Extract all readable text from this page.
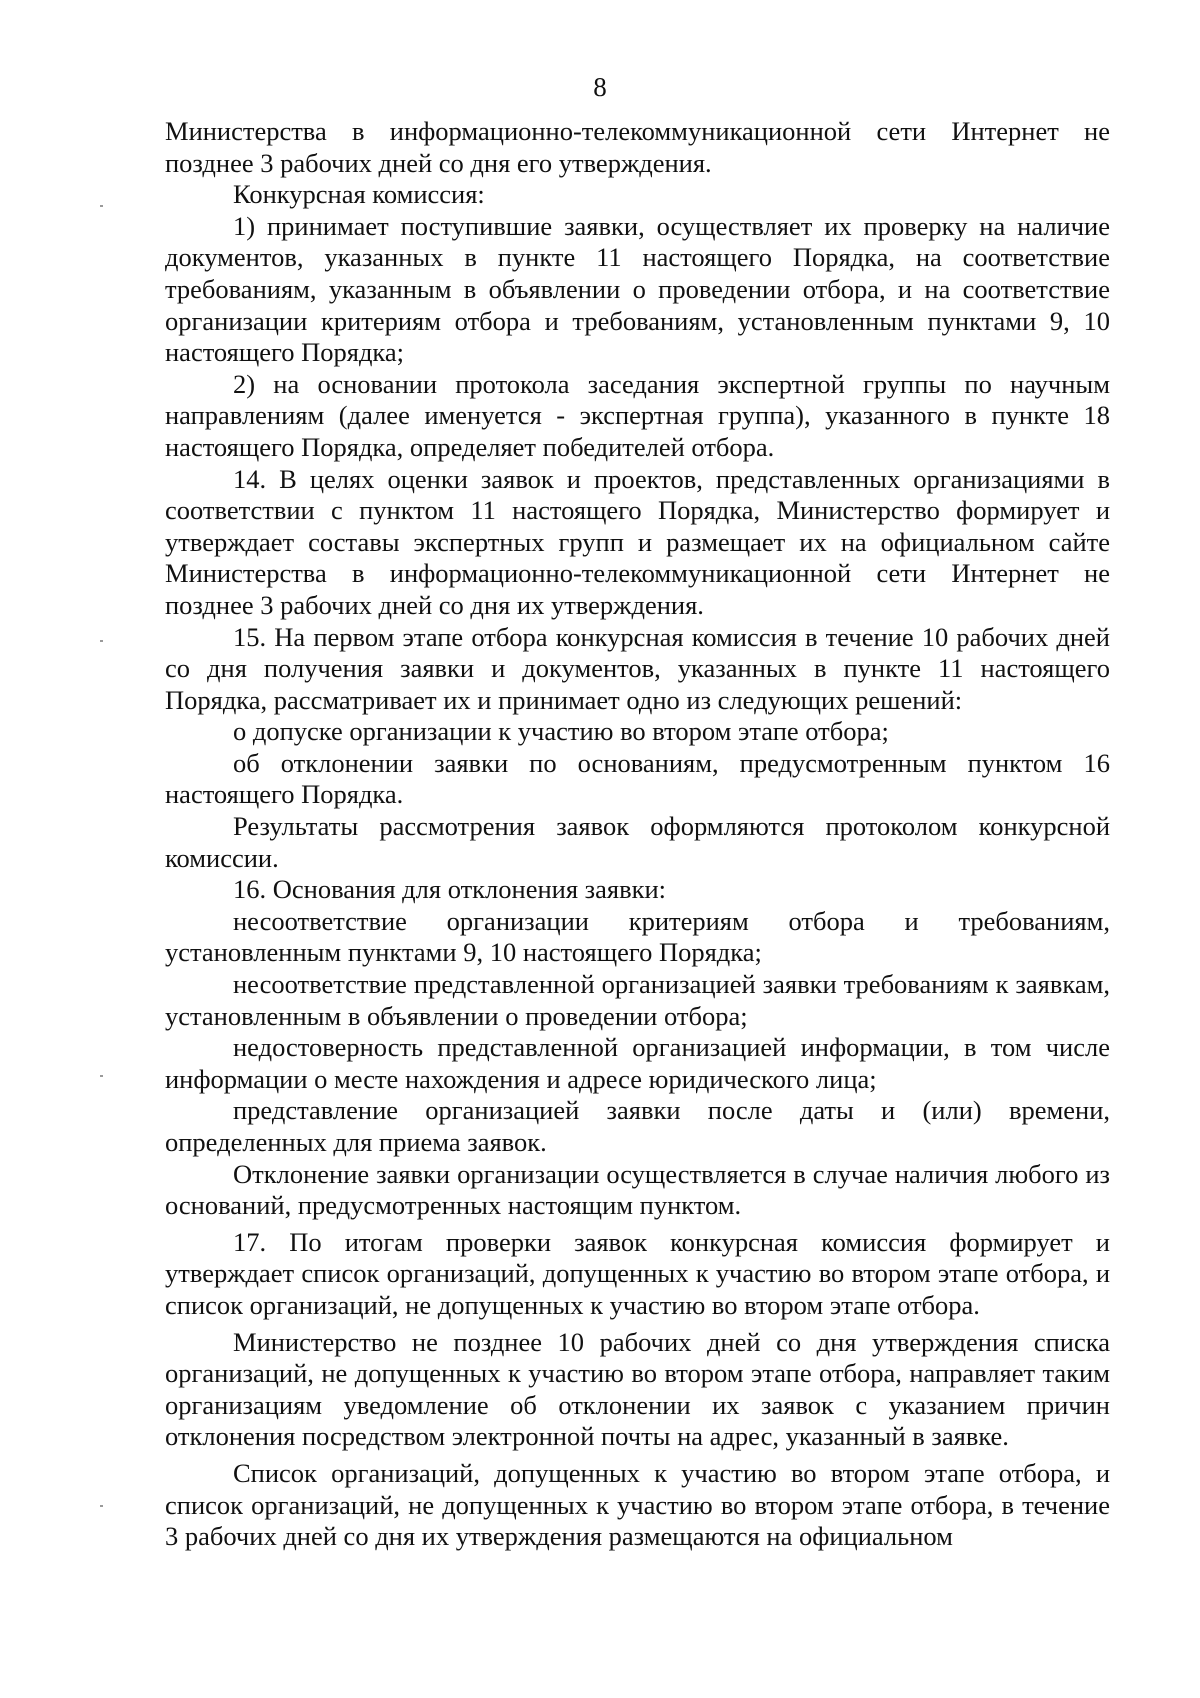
8

Министерства в информационно-телекоммуникационной сети Интернет не позднее 3 рабочих дней со дня его утверждения.

Конкурсная комиссия:

1) принимает поступившие заявки, осуществляет их проверку на наличие документов, указанных в пункте 11 настоящего Порядка, на соответствие требованиям, указанным в объявлении о проведении отбора, и на соответствие организации критериям отбора и требованиям, установленным пунктами 9, 10 настоящего Порядка;

2) на основании протокола заседания экспертной группы по научным направлениям (далее именуется - экспертная группа), указанного в пункте 18 настоящего Порядка, определяет победителей отбора.

14. В целях оценки заявок и проектов, представленных организациями в соответствии с пунктом 11 настоящего Порядка, Министерство формирует и утверждает составы экспертных групп и размещает их на официальном сайте Министерства в информационно-телекоммуникационной сети Интернет не позднее 3 рабочих дней со дня их утверждения.

15. На первом этапе отбора конкурсная комиссия в течение 10 рабочих дней со дня получения заявки и документов, указанных в пункте 11 настоящего Порядка, рассматривает их и принимает одно из следующих решений:

о допуске организации к участию во втором этапе отбора;

об отклонении заявки по основаниям, предусмотренным пунктом 16 настоящего Порядка.

Результаты рассмотрения заявок оформляются протоколом конкурсной комиссии.

16. Основания для отклонения заявки:

несоответствие организации критериям отбора и требованиям, установленным пунктами 9, 10 настоящего Порядка;

несоответствие представленной организацией заявки требованиям к заявкам, установленным в объявлении о проведении отбора;

недостоверность представленной организацией информации, в том числе информации о месте нахождения и адресе юридического лица;

представление организацией заявки после даты и (или) времени, определенных для приема заявок.

Отклонение заявки организации осуществляется в случае наличия любого из оснований, предусмотренных настоящим пунктом.

17. По итогам проверки заявок конкурсная комиссия формирует и утверждает список организаций, допущенных к участию во втором этапе отбора, и список организаций, не допущенных к участию во втором этапе отбора.

Министерство не позднее 10 рабочих дней со дня утверждения списка организаций, не допущенных к участию во втором этапе отбора, направляет таким организациям уведомление об отклонении их заявок с указанием причин отклонения посредством электронной почты на адрес, указанный в заявке.

Список организаций, допущенных к участию во втором этапе отбора, и список организаций, не допущенных к участию во втором этапе отбора, в течение 3 рабочих дней со дня их утверждения размещаются на официальном
